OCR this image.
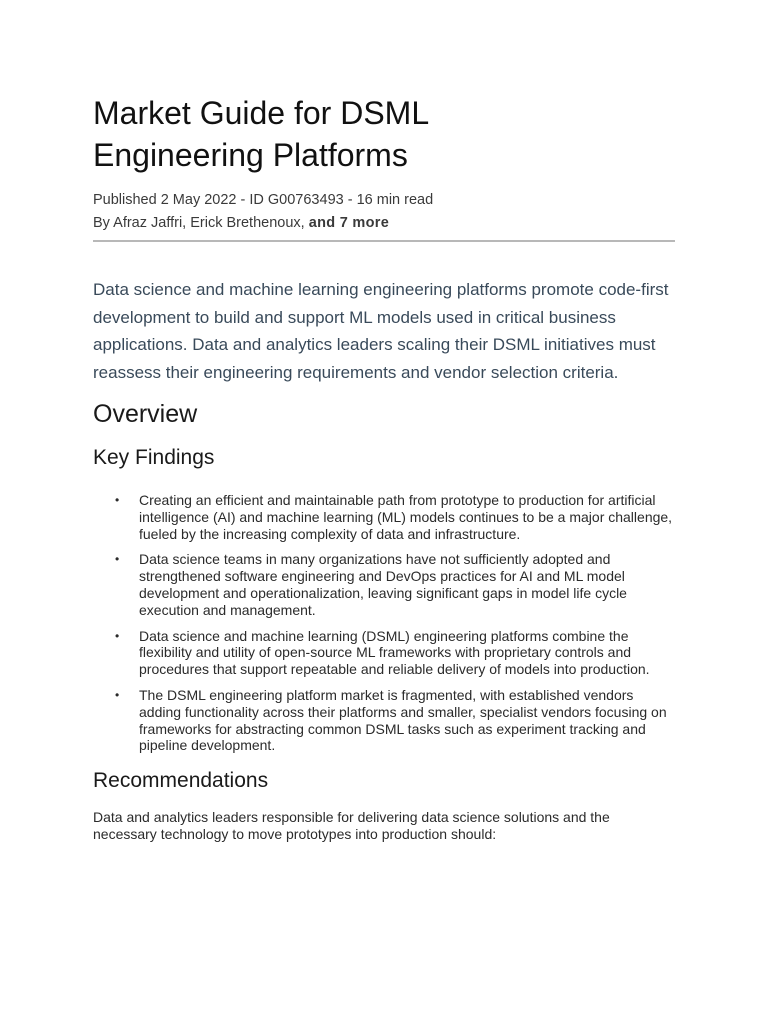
Market Guide for DSML
Engineering Platforms
Published 2 May 2022 - ID G00763493 - 16 min read
By Afraz Jaffri, Erick Brethenoux, and 7 more
Data science and machine learning engineering platforms promote code-first development to build and support ML models used in critical business applications. Data and analytics leaders scaling their DSML initiatives must reassess their engineering requirements and vendor selection criteria.
Overview
Key Findings
• Creating an efficient and maintainable path from prototype to production for artificial intelligence (AI) and machine learning (ML) models continues to be a major challenge, fueled by the increasing complexity of data and infrastructure.
• Data science teams in many organizations have not sufficiently adopted and strengthened software engineering and DevOps practices for AI and ML model development and operationalization, leaving significant gaps in model life cycle execution and management.
• Data science and machine learning (DSML) engineering platforms combine the flexibility and utility of open-source ML frameworks with proprietary controls and procedures that support repeatable and reliable delivery of models into production.
• The DSML engineering platform market is fragmented, with established vendors adding functionality across their platforms and smaller, specialist vendors focusing on frameworks for abstracting common DSML tasks such as experiment tracking and pipeline development.
Recommendations
Data and analytics leaders responsible for delivering data science solutions and the necessary technology to move prototypes into production should:
